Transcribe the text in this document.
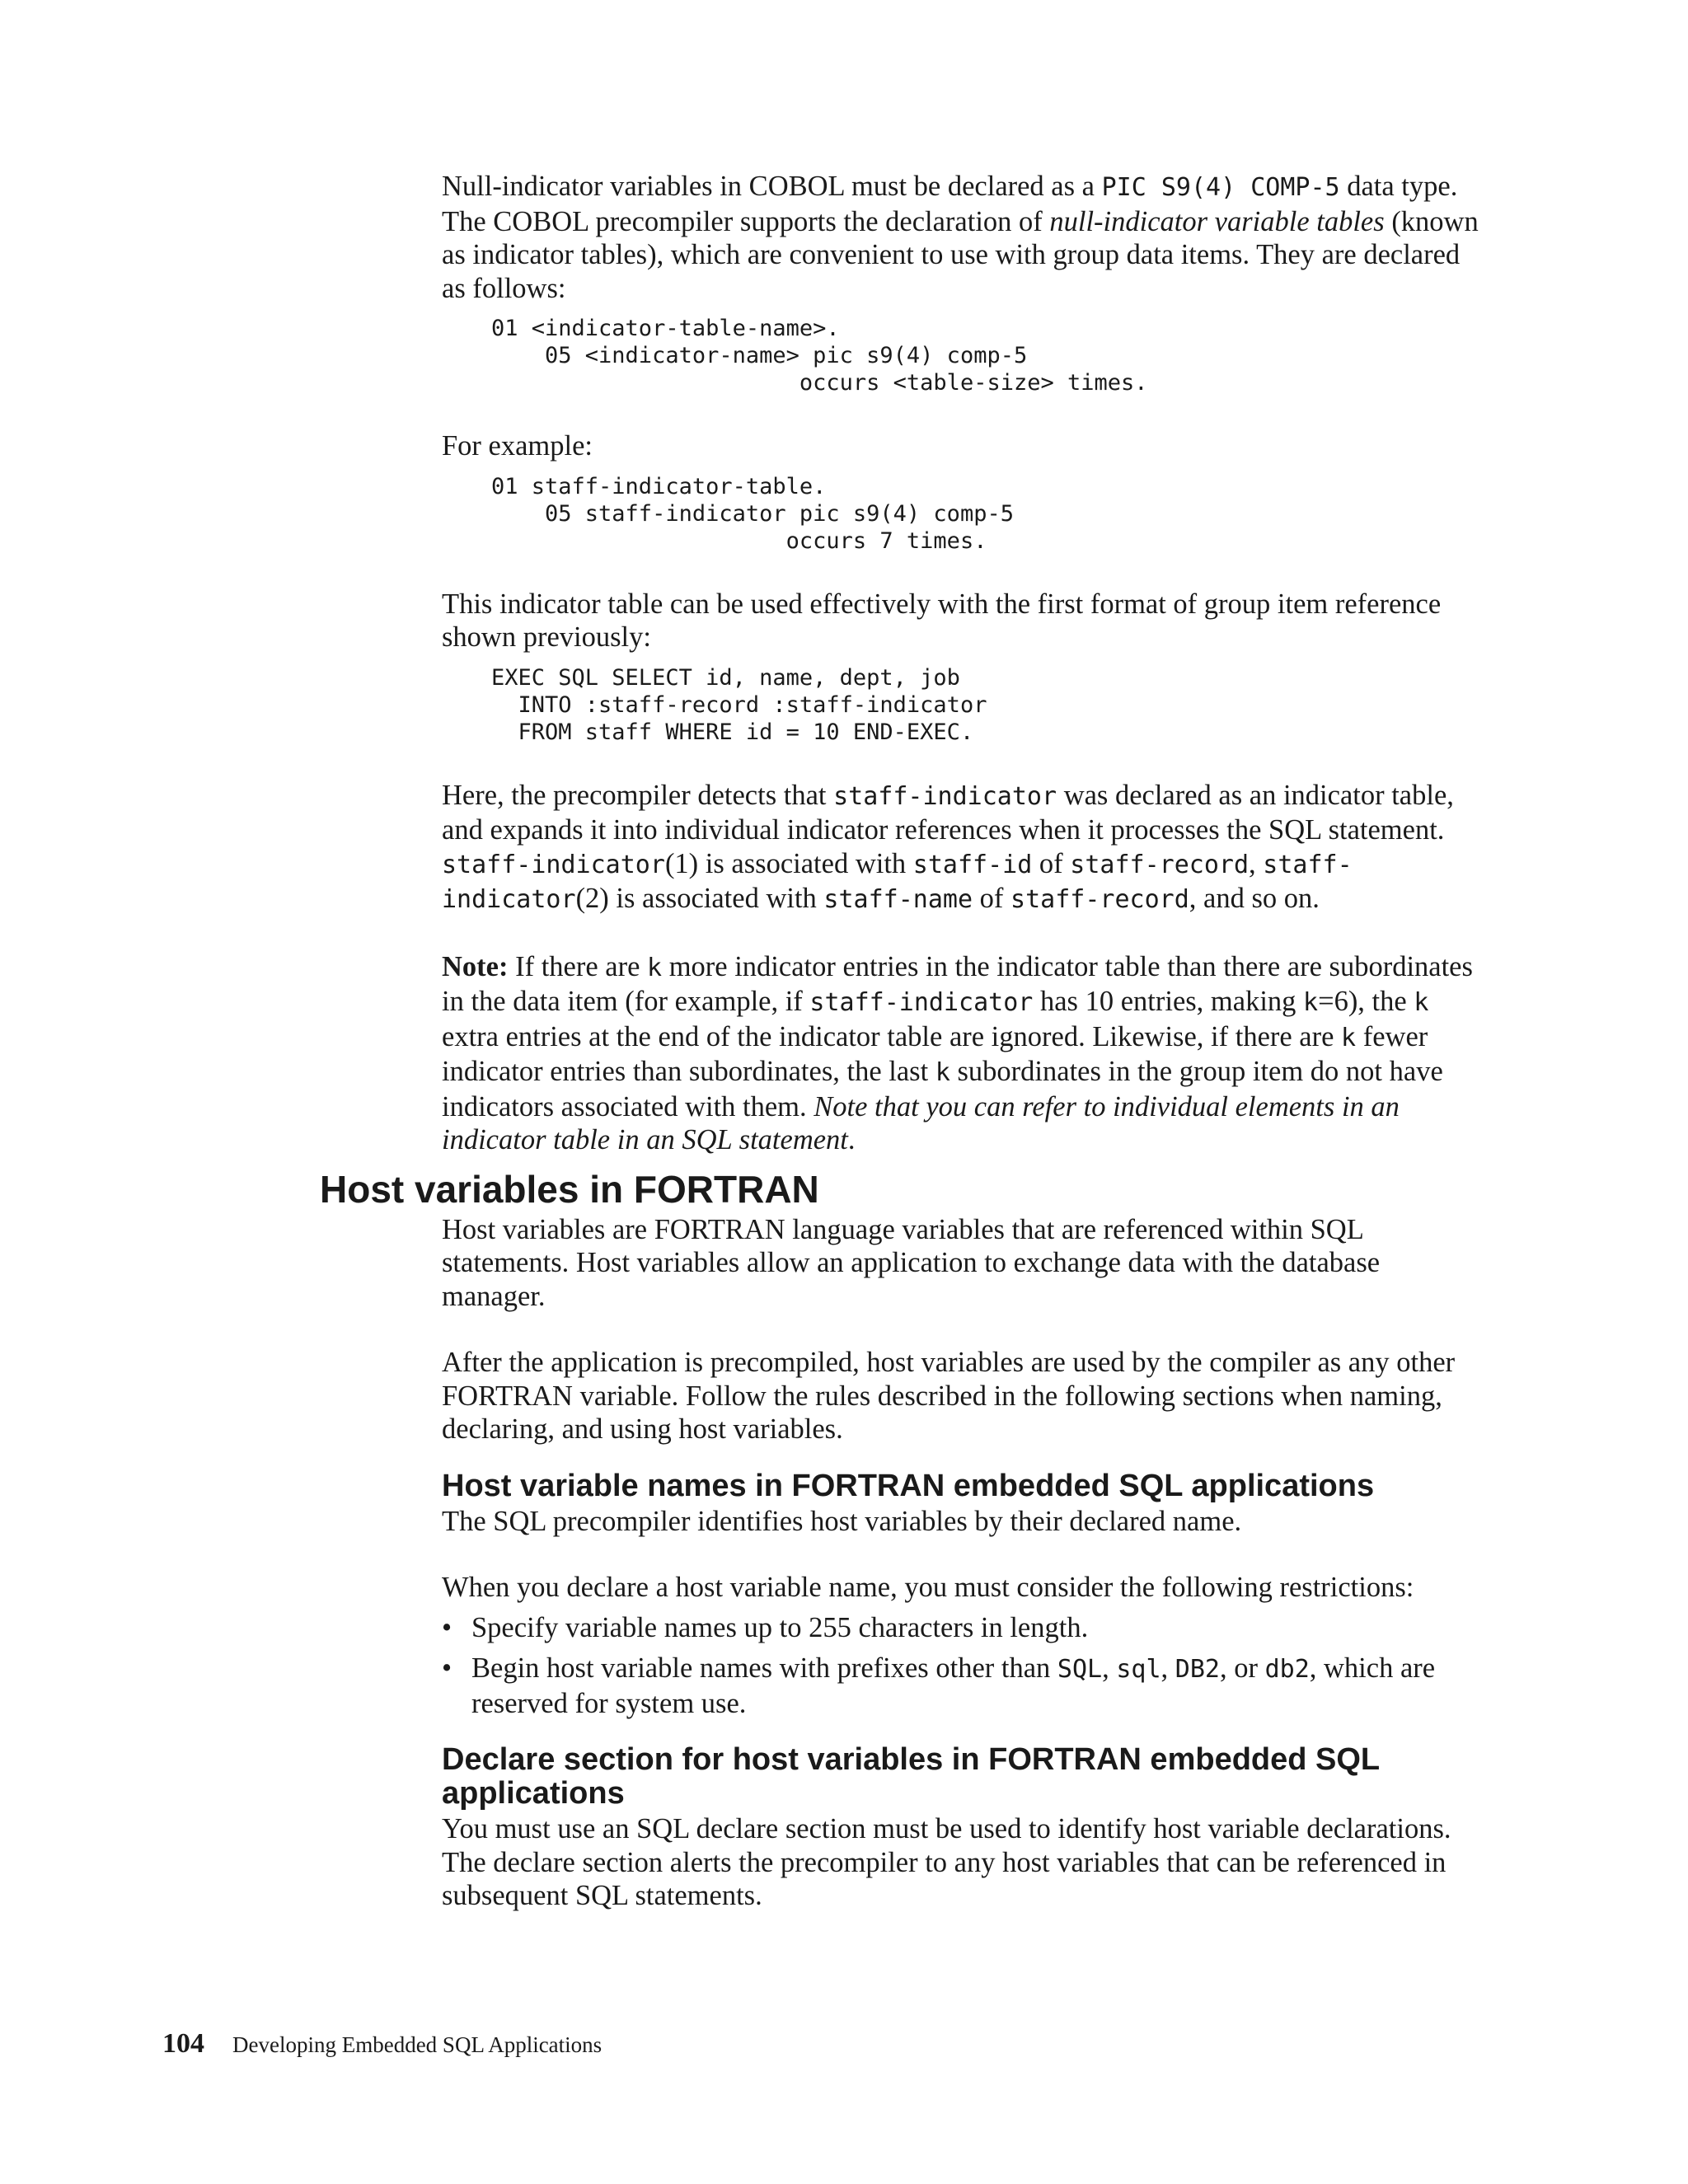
Null-indicator variables in COBOL must be declared as a PIC S9(4) COMP-5 data type. The COBOL precompiler supports the declaration of null-indicator variable tables (known as indicator tables), which are convenient to use with group data items. They are declared as follows:

01 <indicator-table-name>.
05 <indicator-name> pic s9(4) comp-5
occurs <table-size> times.

For example:

01 staff-indicator-table.
05 staff-indicator pic s9(4) comp-5
occurs 7 times.

This indicator table can be used effectively with the first format of group item reference shown previously:

EXEC SQL SELECT id, name, dept, job
INTO :staff-record :staff-indicator
FROM staff WHERE id = 10 END-EXEC.

Here, the precompiler detects that staff-indicator was declared as an indicator table, and expands it into individual indicator references when it processes the SQL statement. staff-indicator(1) is associated with staff-id of staff-record, staff-indicator(2) is associated with staff-name of staff-record, and so on.

Note: If there are k more indicator entries in the indicator table than there are subordinates in the data item (for example, if staff-indicator has 10 entries, making k=6), the k extra entries at the end of the indicator table are ignored. Likewise, if there are k fewer indicator entries than subordinates, the last k subordinates in the group item do not have indicators associated with them. Note that you can refer to individual elements in an indicator table in an SQL statement.

Host variables in FORTRAN

Host variables are FORTRAN language variables that are referenced within SQL statements. Host variables allow an application to exchange data with the database manager.

After the application is precompiled, host variables are used by the compiler as any other FORTRAN variable. Follow the rules described in the following sections when naming, declaring, and using host variables.

Host variable names in FORTRAN embedded SQL applications

The SQL precompiler identifies host variables by their declared name.

When you declare a host variable name, you must consider the following restrictions:

• Specify variable names up to 255 characters in length.
• Begin host variable names with prefixes other than SQL, sql, DB2, or db2, which are reserved for system use.
Declare section for host variables in FORTRAN embedded SQL applications

You must use an SQL declare section must be used to identify host variable declarations. The declare section alerts the precompiler to any host variables that can be referenced in subsequent SQL statements.

104 Developing Embedded SQL Applications
